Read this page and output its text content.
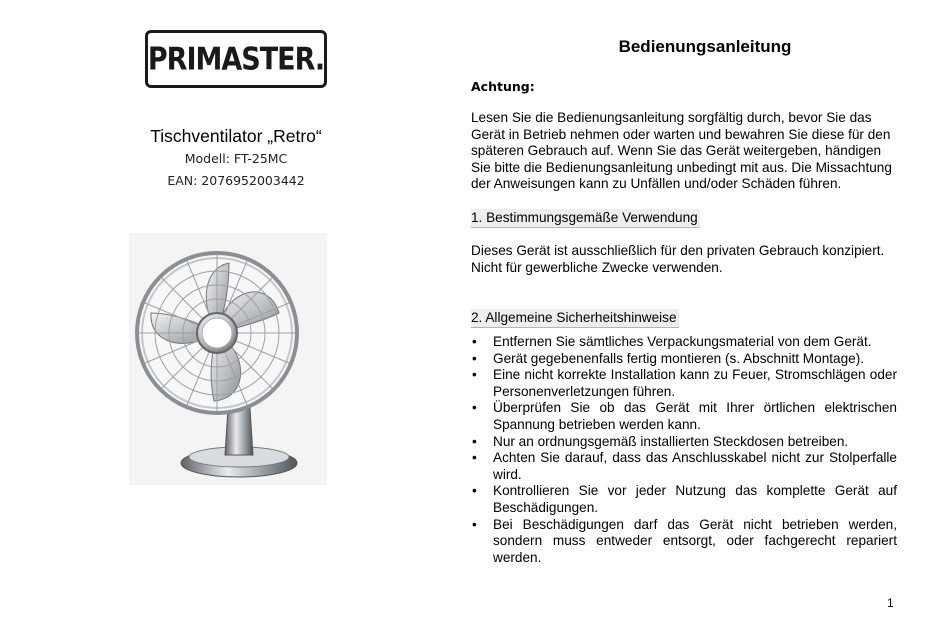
PRIMASTER.
Tischventilator „Retro“
Modell: FT-25MC
EAN: 2076952003442
Bedienungsanleitung
Achtung:
Lesen Sie die Bedienungsanleitung sorgfältig durch, bevor Sie das Gerät in Betrieb nehmen oder warten und bewahren Sie diese für den späteren Gebrauch auf. Wenn Sie das Gerät weitergeben, händigen Sie bitte die Bedienungsanleitung unbedingt mit aus. Die Missachtung der Anweisungen kann zu Unfällen und/oder Schäden führen.
1. Bestimmungsgemäße Verwendung
Dieses Gerät ist ausschließlich für den privaten Gebrauch konzipiert. Nicht für gewerbliche Zwecke verwenden.
2. Allgemeine Sicherheitshinweise
• Entfernen Sie sämtliches Verpackungsmaterial von dem Gerät.
• Gerät gegebenenfalls fertig montieren (s. Abschnitt Montage).
• Eine nicht korrekte Installation kann zu Feuer, Stromschlägen oder Personenverletzungen führen.
• Überprüfen Sie ob das Gerät mit Ihrer örtlichen elektrischen Spannung betrieben werden kann.
• Nur an ordnungsgemäß installierten Steckdosen betreiben.
• Achten Sie darauf, dass das Anschlusskabel nicht zur Stolperfalle wird.
• Kontrollieren Sie vor jeder Nutzung das komplette Gerät auf Beschädigungen.
• Bei Beschädigungen darf das Gerät nicht betrieben werden, sondern muss entweder entsorgt, oder fachgerecht repariert werden.
1
